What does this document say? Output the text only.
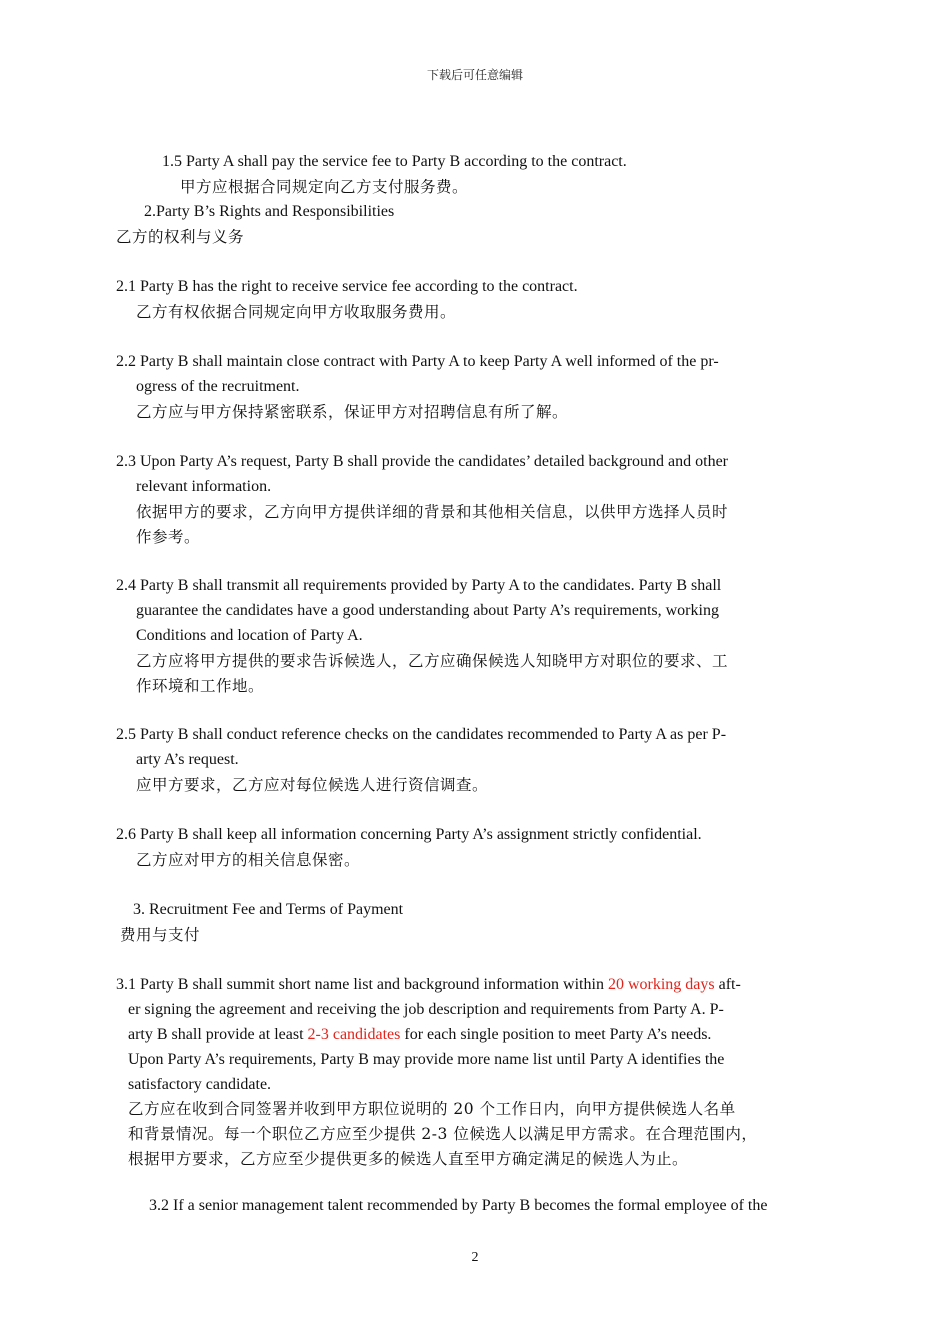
下载后可任意编辑
1.5 Party A shall pay the service fee to Party B according to the contract.
甲方应根据合同规定向乙方支付服务费。
2.Party B’s Rights and Responsibilities
乙方的权利与义务
2.1 Party B has the right to receive service fee according to the contract.
乙方有权依据合同规定向甲方收取服务费用。
2.2 Party B shall maintain close contract with Party A to keep Party A well informed of the pr-
ogress of the recruitment.
乙方应与甲方保持紧密联系，保证甲方对招聘信息有所了解。
2.3 Upon Party A’s request, Party B shall provide the candidates’ detailed background and other
relevant information.
依据甲方的要求，乙方向甲方提供详细的背景和其他相关信息，以供甲方选择人员时
作参考。
2.4 Party B shall transmit all requirements provided by Party A to the candidates. Party B shall
guarantee the candidates have a good understanding about Party A’s requirements, working
Conditions and location of Party A.
乙方应将甲方提供的要求告诉候选人，乙方应确保候选人知晓甲方对职位的要求、工
作环境和工作地。
2.5 Party B shall conduct reference checks on the candidates recommended to Party A as per P-
arty A’s request.
应甲方要求，乙方应对每位候选人进行资信调查。
2.6 Party B shall keep all information concerning Party A’s assignment strictly confidential.
乙方应对甲方的相关信息保密。
3. Recruitment Fee and Terms of Payment
费用与支付
3.1 Party B shall summit short name list and background information within 20 working days aft-
er signing the agreement and receiving the job description and requirements from Party A. P-
arty B shall provide at least 2-3 candidates for each single position to meet Party A’s needs.
Upon Party A’s requirements, Party B may provide more name list until Party A identifies the
satisfactory candidate.
乙方应在收到合同签署并收到甲方职位说明的 20 个工作日内，向甲方提供候选人名单
和背景情况。每一个职位乙方应至少提供 2-3 位候选人以满足甲方需求。在合理范围内，
根据甲方要求，乙方应至少提供更多的候选人直至甲方确定满足的候选人为止。
3.2 If a senior management talent recommended by Party B becomes the formal employee of the
2
